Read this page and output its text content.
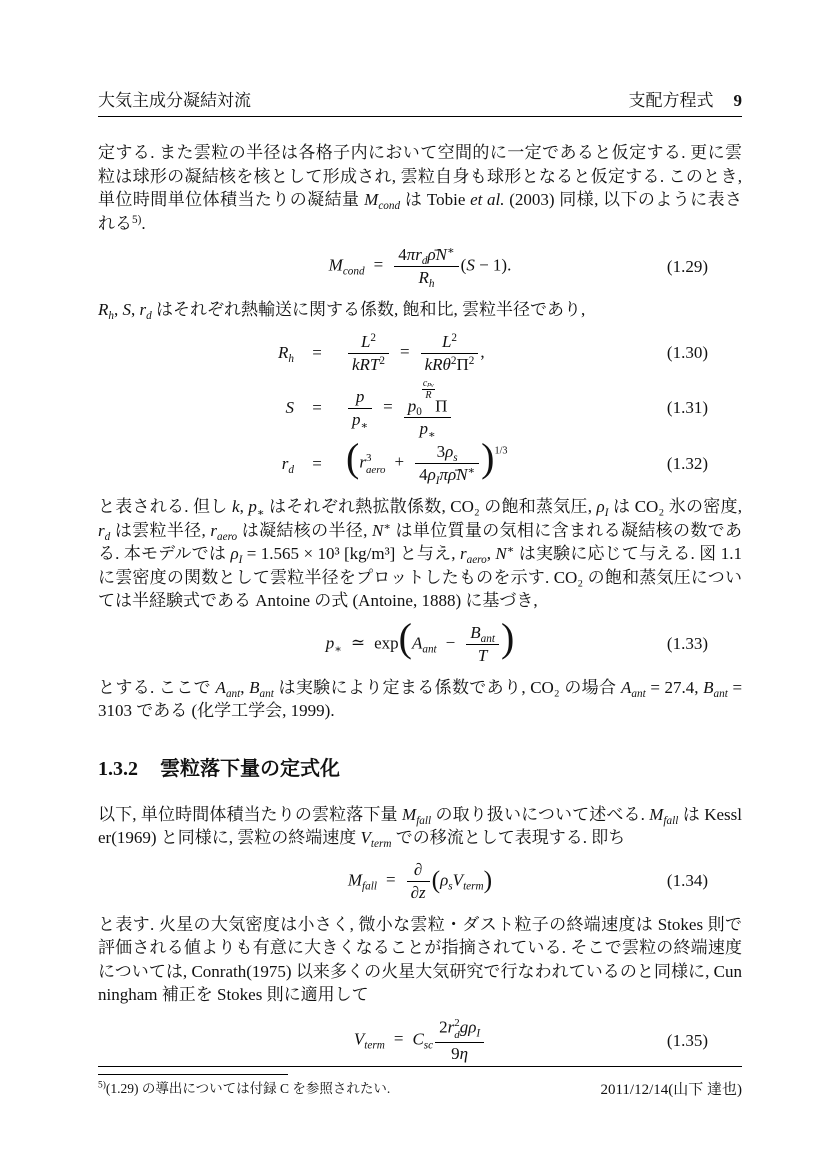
大気主成分凝結対流	支配方程式 9

定する. また雲粒の半径は各格子内において空間的に一定であると仮定する. 更に雲粒は球形の凝結核を核として形成され, 雲粒自身も球形となると仮定する. このとき, 単位時間単位体積当たりの凝結量 $M_{cond}$ は Tobie et al. (2003) 同様, 以下のように表される$^{5)}$.

$M_{cond} = \frac{4\pi r_d\rhōN^∗}{R_h} (S - 1)$.	(1.29)

$R_h$, S, $r_d$ はそれぞれ熱輸送に関する係数, 飽和比, 雲粒半径であり,

$R_h$	=	$\frac{L^2}{kRT^2} = \frac{L^2}{kR\theta^2\Pi^2}$ ,	(1.30)
S	=	$\frac{p}{p_∗} = p_0$
cₚᵥ
R
Π
$p_∗$	(1.31)
$r_d$	= (r 3
aero + $\frac{3\rho_s}{4\rho_I\pi\rhōN^∗} )^{1/3}$
(1.32)

と表される. 但し k, $p_∗$ はそれぞれ熱拡散係数, CO₂ の飽和蒸気圧, $\rho_I$ は CO₂ 氷の密度, $r_d$ は雲粒半径, $r_{aero}$ は凝結核の半径, N∗ は単位質量の気相に含まれる凝結核の数である. 本モデルでは $\rho_I = 1.565 \times 10^3$ [kg/m³] と与え, $r_{aero}$, N∗ は実験に応じて与える. 図 1.1 に雲密度の関数として雲粒半径をプロットしたものを示す. CO₂ の飽和蒸気圧については半経験式である Antoine の式 (Antoine, 1888) に基づき,

$p_∗$ ≃ $\exp(A_{ant} - \frac{B_{ant}}{T}$ )	(1.33)

とする. ここで $A_{ant}$, $B_{ant}$ は実験により定まる係数であり, CO₂ の場合 $A_{ant} = 27.4$, $B_{ant} = 3103$ である (化学工学会, 1999).

1.3.2 雲粒落下量の定式化

以下, 単位時間体積当たりの雲粒落下量 $M_{fall}$ の取り扱いについて述べる. $M_{fall}$ は Kessler(1969) と同様に, 雲粒の終端速度 $V_{term}$ での移流として表現する. 即ち

$M_{fall} = \frac{\partial}{\partial z} (\rho_sV_{term})$	(1.34)

と表す. 火星の大気密度は小さく, 微小な雲粒・ダスト粒子の終端速度は Stokes 則で評価される値よりも有意に大きくなることが指摘されている. そこで雲粒の終端速度については, Conrath(1975) 以来多くの火星大気研究で行なわれているのと同様に, Cunningham 補正を Stokes 則に適用して

$V_{term} = C_{sc}$ 2r 2
d $g\rho_I$
9η	(1.35)
$^{5)}$(1.29) の導出については付録 C を参照されたい.	2011/12/14(山下 達也)
